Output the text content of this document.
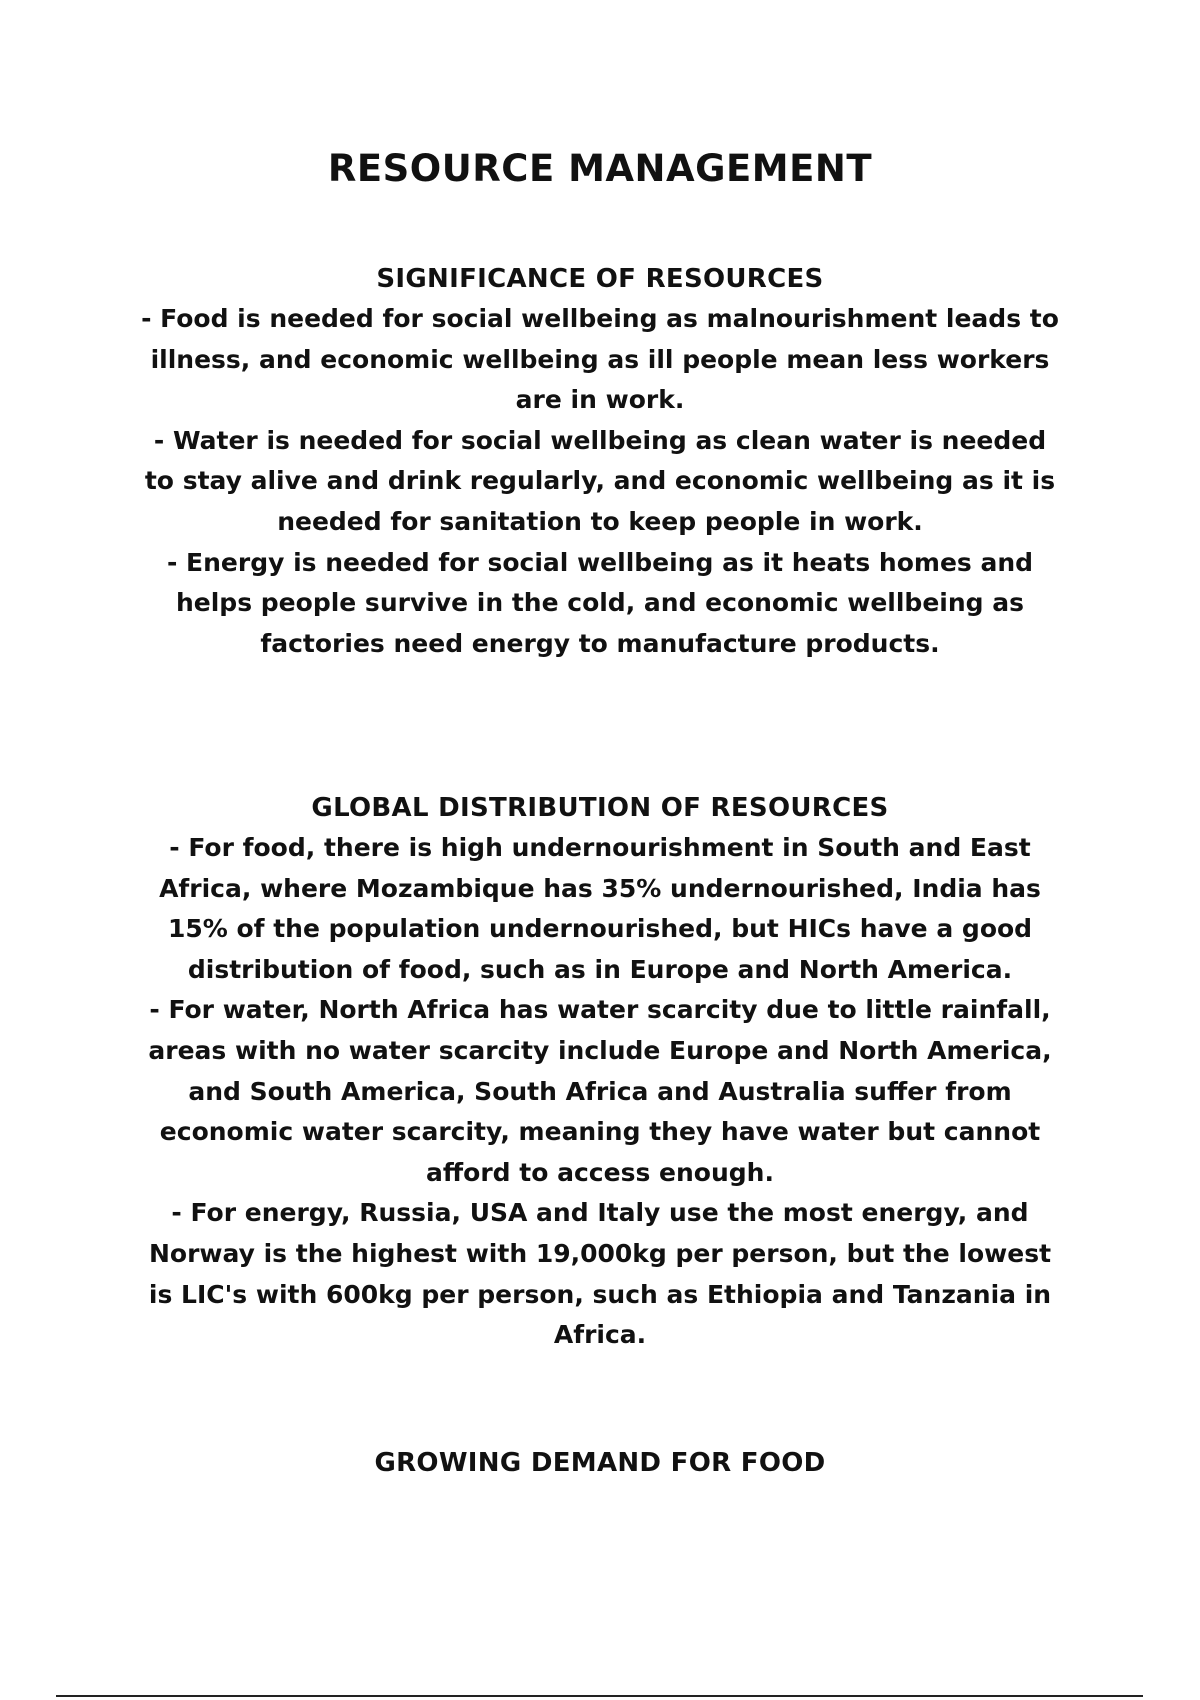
RESOURCE MANAGEMENT
SIGNIFICANCE OF RESOURCES

- Food is needed for social wellbeing as malnourishment leads to illness, and economic wellbeing as ill people mean less workers are in work.

- Water is needed for social wellbeing as clean water is needed to stay alive and drink regularly, and economic wellbeing as it is needed for sanitation to keep people in work.

- Energy is needed for social wellbeing as it heats homes and helps people survive in the cold, and economic wellbeing as factories need energy to manufacture products.

GLOBAL DISTRIBUTION OF RESOURCES

- For food, there is high undernourishment in South and East Africa, where Mozambique has 35% undernourished, India has 15% of the population undernourished, but HICs have a good distribution of food, such as in Europe and North America.

- For water, North Africa has water scarcity due to little rainfall, areas with no water scarcity include Europe and North America, and South America, South Africa and Australia suffer from economic water scarcity, meaning they have water but cannot afford to access enough.

- For energy, Russia, USA and Italy use the most energy, and Norway is the highest with 19,000kg per person, but the lowest is LIC's with 600kg per person, such as Ethiopia and Tanzania in Africa.

GROWING DEMAND FOR FOOD
